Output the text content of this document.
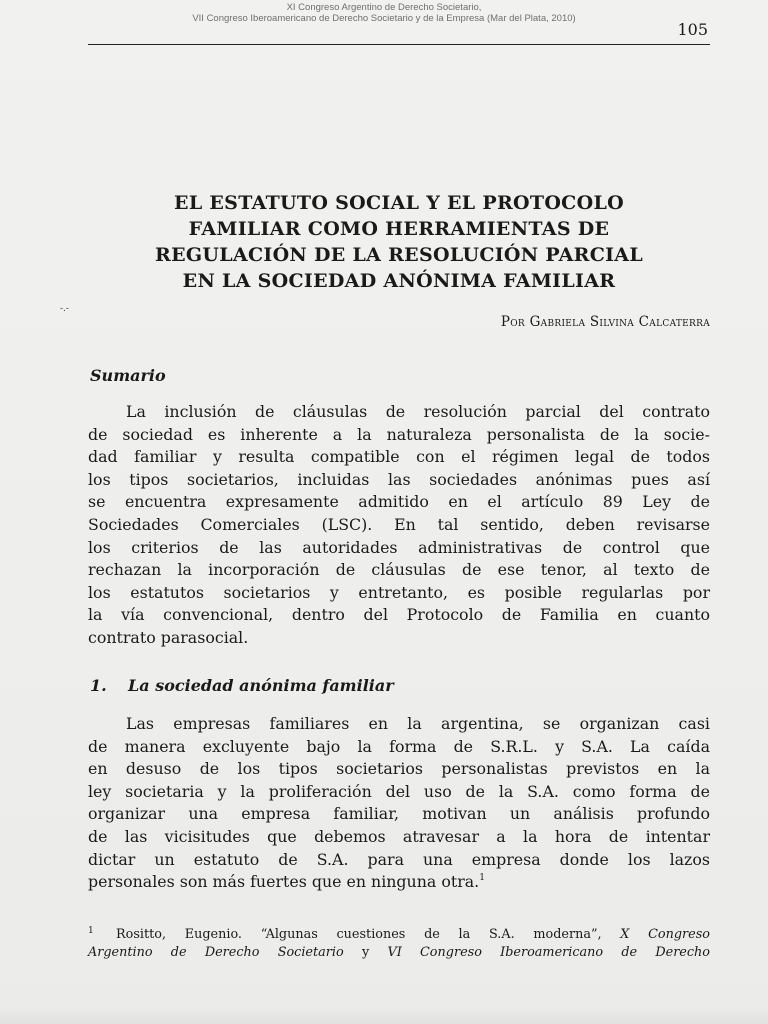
XI Congreso Argentino de Derecho Societario,
VII Congreso Iberoamericano de Derecho Societario y de la Empresa (Mar del Plata, 2010)
105
EL ESTATUTO SOCIAL Y EL PROTOCOLO
FAMILIAR COMO HERRAMIENTAS DE
REGULACIÓN DE LA RESOLUCIÓN PARCIAL
EN LA SOCIEDAD ANÓNIMA FAMILIAR
-.-
Por Gabriela Silvina Calcaterra
Sumario
La inclusión de cláusulas de resolución parcial del contrato
de sociedad es inherente a la naturaleza personalista de la socie-
dad familiar y resulta compatible con el régimen legal de todos
los tipos societarios, incluidas las sociedades anónimas pues así
se encuentra expresamente admitido en el artículo 89 Ley de
Sociedades Comerciales (LSC). En tal sentido, deben revisarse
los criterios de las autoridades administrativas de control que
rechazan la incorporación de cláusulas de ese tenor, al texto de
los estatutos societarios y entretanto, es posible regularlas por
la vía convencional, dentro del Protocolo de Familia en cuanto
contrato parasocial.
1. La sociedad anónima familiar
Las empresas familiares en la argentina, se organizan casi
de manera excluyente bajo la forma de S.R.L. y S.A. La caída
en desuso de los tipos societarios personalistas previstos en la
ley societaria y la proliferación del uso de la S.A. como forma de
organizar una empresa familiar, motivan un análisis profundo
de las vicisitudes que debemos atravesar a la hora de intentar
dictar un estatuto de S.A. para una empresa donde los lazos
personales son más fuertes que en ninguna otra.$^1$
1	Rositto, Eugenio. “Algunas cuestiones de la S.A. moderna”, X Congreso
Argentino de Derecho Societario y VI Congreso Iberoamericano de Derecho
